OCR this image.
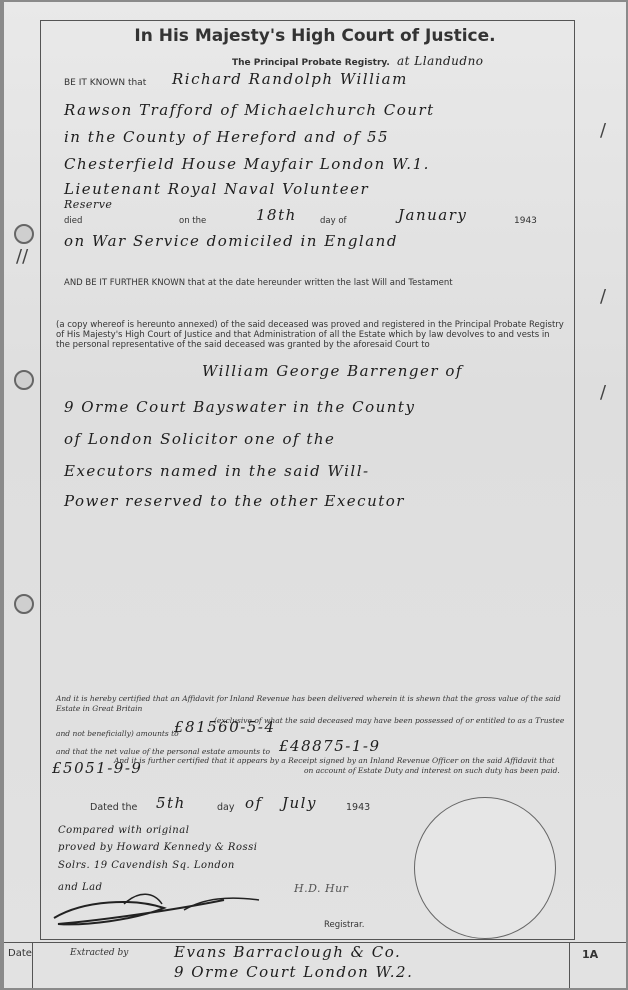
//
/
/
/
In His Majesty's High Court of Justice.
The Principal Probate Registry. at Llandudno
BE IT KNOWN that Richard Randolph William
Rawson Trafford of Michaelchurch Court
in the County of Hereford and of 55
Chesterfield House Mayfair London W.1.
Lieutenant Royal Naval Volunteer
Reserve
died	on the	18th	day of	January	1943
on War Service domiciled in England
AND BE IT FURTHER KNOWN that at the date hereunder written the last Will and Testament
(a copy whereof is hereunto annexed) of the said deceased was proved and registered in the Principal Probate Registry of His Majesty's High Court of Justice and that Administration of all the Estate which by law devolves to and vests in the personal representative of the said deceased was granted by the aforesaid Court to
William George Barrenger of
9 Orme Court Bayswater in the County
of London Solicitor one of the
Executors named in the said Will-
Power reserved to the other Executor
And it is hereby certified that an Affidavit for Inland Revenue has been delivered wherein it is shewn that the gross value of the said Estate in Great Britain
(exclusive of what the said deceased may have been possessed of or entitled to as a Trustee
and not beneficially) amounts to
£81560-5-4
and that the net value of the personal estate amounts to £48875-1-9
And it is further certified that it appears by a Receipt signed by an Inland Revenue Officer on the said Affidavit that
on account of Estate Duty and interest on such duty has been paid.
£5051-9-9
Dated the 5th	day of July	1943
Compared with original
proved by Howard Kennedy & Rossi
Solrs. 19 Cavendish Sq. London
and Lad	H.D. Hur
Registrar.
Date	Extracted by	Evans Barraclough & Co.
9 Orme Court London W.2.
1A
